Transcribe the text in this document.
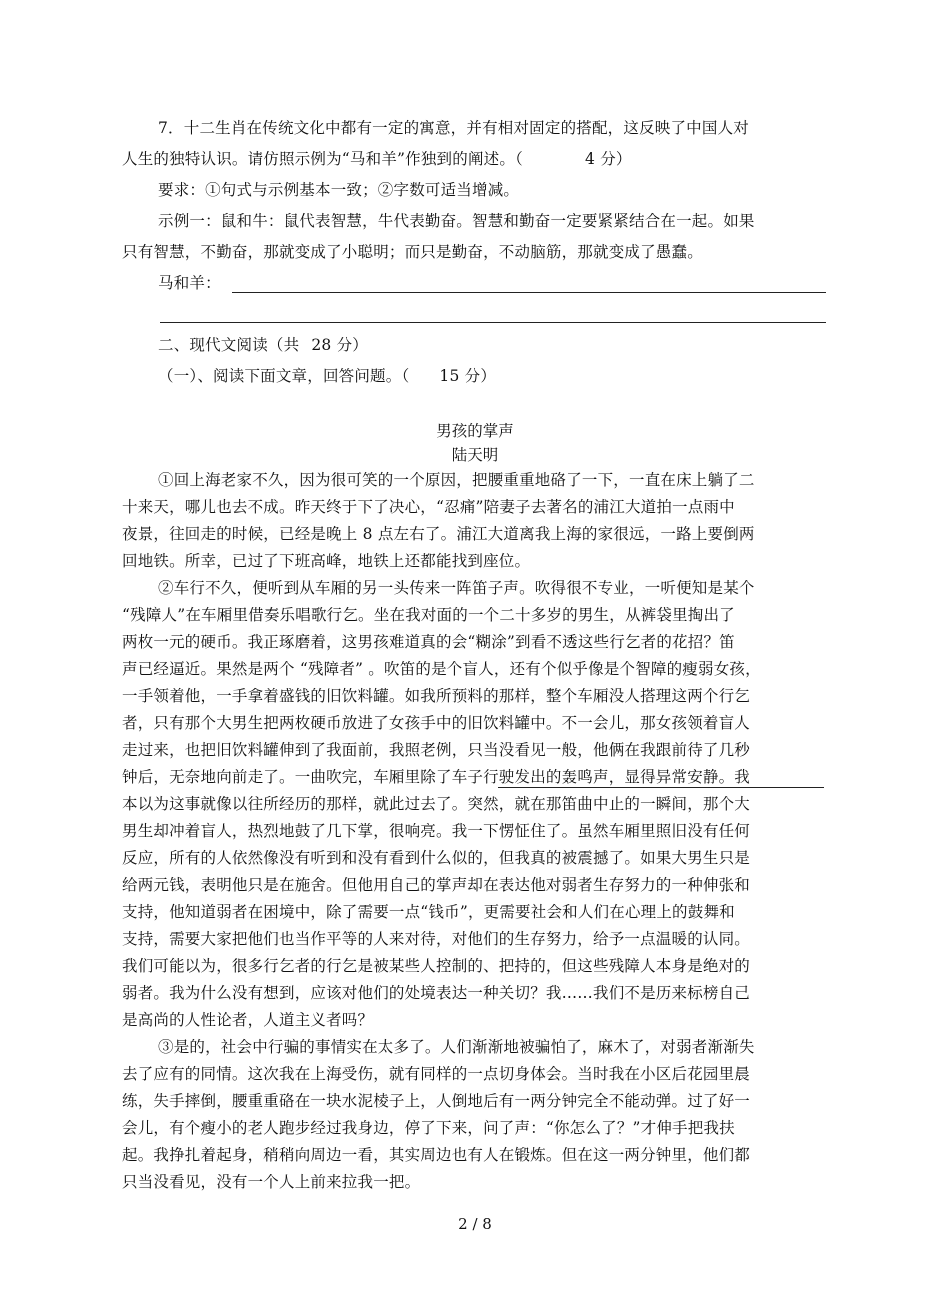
7．十二生肖在传统文化中都有一定的寓意，并有相对固定的搭配，这反映了中国人对
人生的独特认识。请仿照示例为“马和羊”作独到的阐述。（	4 分）
要求：①句式与示例基本一致；②字数可适当增减。
示例一：鼠和牛：鼠代表智慧，牛代表勤奋。智慧和勤奋一定要紧紧结合在一起。如果
只有智慧，不勤奋，那就变成了小聪明；而只是勤奋，不动脑筋，那就变成了愚蠢。
马和羊：
二、现代文阅读（共 28 分）
（一）、阅读下面文章，回答问题。（ 15 分）
男孩的掌声
陆天明
①回上海老家不久，因为很可笑的一个原因，把腰重重地硌了一下，一直在床上躺了二
十来天，哪儿也去不成。昨天终于下了决心，“忍痛”陪妻子去著名的浦江大道拍一点雨中
夜景，往回走的时候，已经是晚上 8 点左右了。浦江大道离我上海的家很远，一路上要倒两
回地铁。所幸，已过了下班高峰，地铁上还都能找到座位。
②车行不久，便听到从车厢的另一头传来一阵笛子声。吹得很不专业，一听便知是某个
“残障人”在车厢里借奏乐唱歌行乞。坐在我对面的一个二十多岁的男生，从裤袋里掏出了
两枚一元的硬币。我正琢磨着，这男孩难道真的会“糊涂”到看不透这些行乞者的花招？笛
声已经逼近。果然是两个 “残障者” 。吹笛的是个盲人，还有个似乎像是个智障的瘦弱女孩，
一手领着他，一手拿着盛钱的旧饮料罐。如我所预料的那样，整个车厢没人搭理这两个行乞
者，只有那个大男生把两枚硬币放进了女孩手中的旧饮料罐中。不一会儿，那女孩领着盲人
走过来，也把旧饮料罐伸到了我面前，我照老例，只当没看见一般，他俩在我跟前待了几秒
钟后，无奈地向前走了。一曲吹完，车厢里除了车子行驶发出的轰鸣声，显得异常安静。我
本以为这事就像以往所经历的那样，就此过去了。突然，就在那笛曲中止的一瞬间，那个大
男生却冲着盲人，热烈地鼓了几下掌，很响亮。我一下愣怔住了。虽然车厢里照旧没有任何
反应，所有的人依然像没有听到和没有看到什么似的，但我真的被震撼了。如果大男生只是
给两元钱，表明他只是在施舍。但他用自己的掌声却在表达他对弱者生存努力的一种伸张和
支持，他知道弱者在困境中，除了需要一点“钱币”，更需要社会和人们在心理上的鼓舞和
支持，需要大家把他们也当作平等的人来对待，对他们的生存努力，给予一点温暖的认同。
我们可能以为，很多行乞者的行乞是被某些人控制的、把持的，但这些残障人本身是绝对的
弱者。我为什么没有想到，应该对他们的处境表达一种关切？我……我们不是历来标榜自己
是高尚的人性论者，人道主义者吗？
③是的，社会中行骗的事情实在太多了。人们渐渐地被骗怕了，麻木了，对弱者渐渐失
去了应有的同情。这次我在上海受伤，就有同样的一点切身体会。当时我在小区后花园里晨
练，失手摔倒，腰重重硌在一块水泥棱子上，人倒地后有一两分钟完全不能动弹。过了好一
会儿，有个瘦小的老人跑步经过我身边，停了下来，问了声：“你怎么了？”才伸手把我扶
起。我挣扎着起身，稍稍向周边一看，其实周边也有人在锻炼。但在这一两分钟里，他们都
只当没看见，没有一个人上前来拉我一把。
2 / 8
